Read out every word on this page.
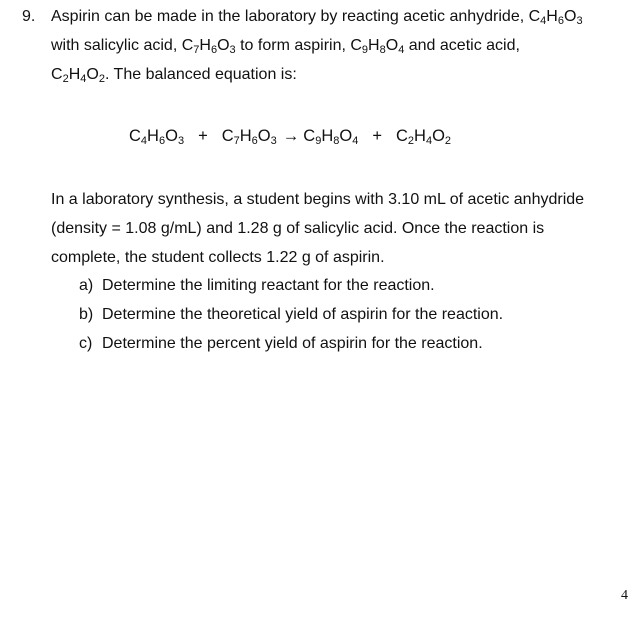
9. Aspirin can be made in the laboratory by reacting acetic anhydride, $C_4H_6O_3$
with salicylic acid, $C_7H_6O_3$ to form aspirin, $C_9H_8O_4$ and acetic acid,
$C_2H_4O_2$. The balanced equation is:
$C_4H_6O_3 + C_7H_6O_3 \to C_9H_8O_4 + C_2H_4O_2$
In a laboratory synthesis, a student begins with 3.10 mL of acetic anhydride
(density = 1.08 g/mL) and 1.28 g of salicylic acid. Once the reaction is
complete, the student collects 1.22 g of aspirin.
a) Determine the limiting reactant for the reaction.
b) Determine the theoretical yield of aspirin for the reaction.
c) Determine the percent yield of aspirin for the reaction.
4
